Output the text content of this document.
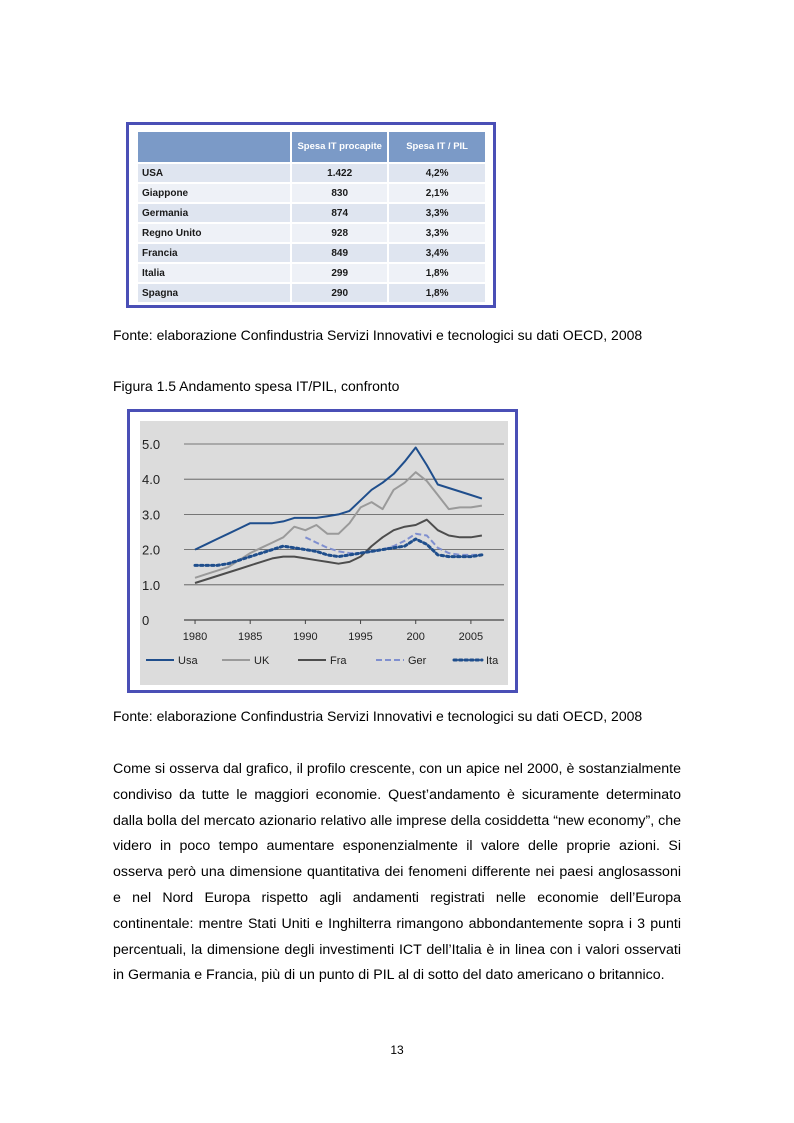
	Spesa IT procapite	Spesa IT / PIL
USA	1.422	4,2%
Giappone	830	2,1%
Germania	874	3,3%
Regno Unito	928	3,3%
Francia	849	3,4%
Italia	299	1,8%
Spagna	290	1,8%
Fonte: elaborazione Confindustria Servizi Innovativi e tecnologici su dati OECD, 2008
Figura 1.5 Andamento spesa IT/PIL, confronto
0
1.0
2.0
3.0
4.0
5.0
1980	1985	1990	1995	200	2005
Usa	UK	Fra	Ger	Ita
Fonte: elaborazione Confindustria Servizi Innovativi e tecnologici su dati OECD, 2008

Come si osserva dal grafico, il profilo crescente, con un apice nel 2000, è sostanzialmente condiviso da tutte le maggiori economie. Quest’andamento è sicuramente determinato dalla bolla del mercato azionario relativo alle imprese della cosiddetta “new economy”, che videro in poco tempo aumentare esponenzialmente il valore delle proprie azioni. Si osserva però una dimensione quantitativa dei fenomeni differente nei paesi anglosassoni e nel Nord Europa rispetto agli andamenti registrati nelle economie dell’Europa continentale: mentre Stati Uniti e Inghilterra rimangono abbondantemente sopra i 3 punti percentuali, la dimensione degli investimenti ICT dell’Italia è in linea con i valori osservati in Germania e Francia, più di un punto di PIL al di sotto del dato americano o britannico.

13
